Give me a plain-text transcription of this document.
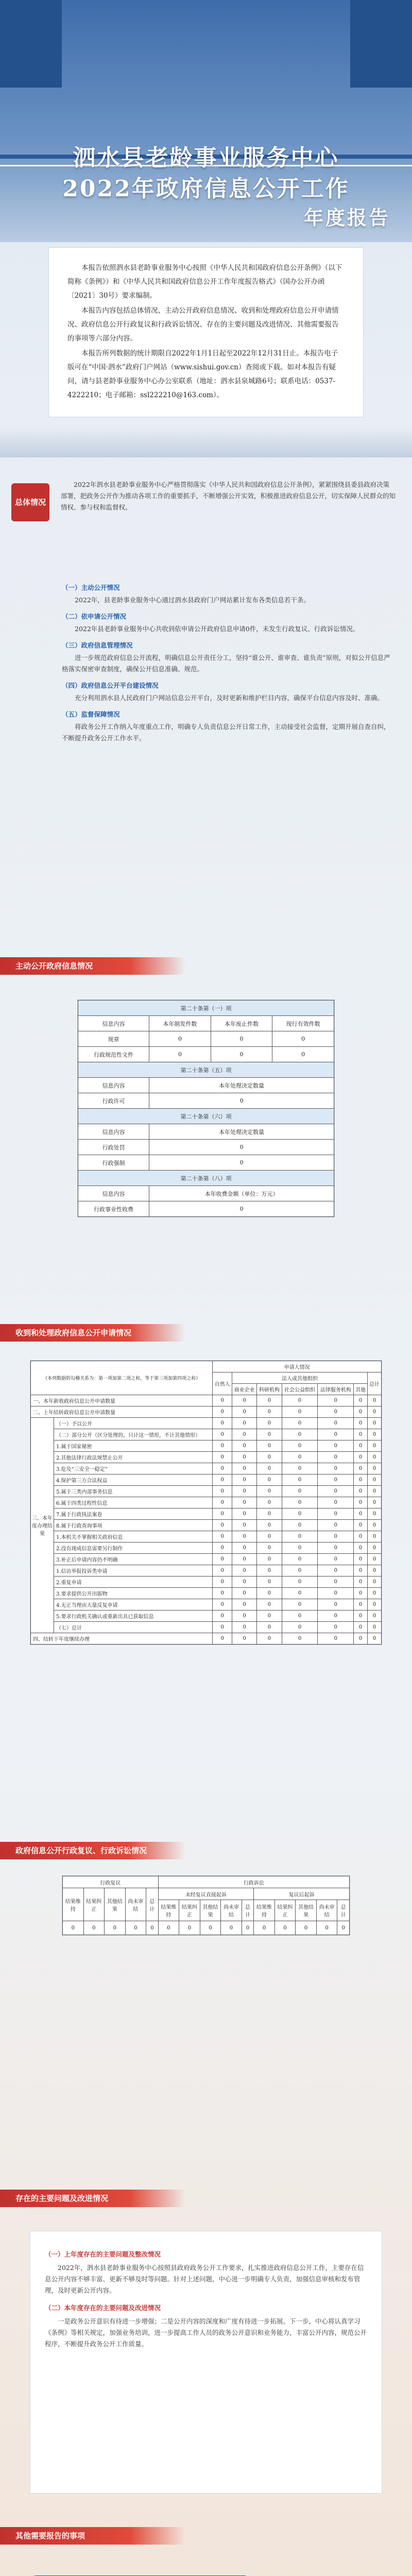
泗水县老龄事业服务中心
2022年政府信息公开工作
年度报告

本报告依照泗水县老龄事业服务中心按照《中华人民共和国政府信息公开条例》（以下简称《条例》）和《中华人民共和国政府信息公开工作年度报告格式》（国办公开办函〔2021〕30号）要求编制。

本报告内容包括总体情况、主动公开政府信息情况、收到和处理政府信息公开申请情况、政府信息公开行政复议和行政诉讼情况、存在的主要问题及改进情况、其他需要报告的事项等六部分内容。

本报告所列数据的统计期限自2022年1月1日起至2022年12月31日止。本报告电子版可在“中国·泗水”政府门户网站（www.sishui.gov.cn）查阅或下载。如对本报告有疑问，请与县老龄事业服务中心办公室联系（地址：泗水县泉城路6号；联系电话：0537-4222210；电子邮箱：ssl222210@163.com）。

总体情况

2022年泗水县老龄事业服务中心严格贯彻落实《中华人民共和国政府信息公开条例》，紧紧围绕县委县政府决策部署，把政务公开作为推动各项工作的重要抓手，不断增强公开实效，积极推进政府信息公开，切实保障人民群众的知情权、参与权和监督权。

（一）主动公开情况

2022年，县老龄事业服务中心通过泗水县政府门户网站累计发布各类信息若干条。

（二）依申请公开情况

2022年县老龄事业服务中心共收到依申请公开政府信息申请0件，未发生行政复议、行政诉讼情况。

（三）政府信息管理情况

进一步规范政府信息公开流程，明确信息公开责任分工，坚持“谁公开、谁审查、谁负责”原则，对拟公开信息严格落实保密审查制度，确保公开信息准确、规范。

（四）政府信息公开平台建设情况

充分利用泗水县人民政府门户网站信息公开平台，及时更新和维护栏目内容，确保平台信息内容及时、准确。

（五）监督保障情况

将政务公开工作纳入年度重点工作，明确专人负责信息公开日常工作，主动接受社会监督，定期开展自查自纠，不断提升政务公开工作水平。

主动公开政府信息情况
第二十条第（一）项			
信息内容	本年制发件数	本年废止件数	现行有效件数
规章	0	0	0
行政规范性文件	0	0	0
第二十条第（五）项			
信息内容	本年处理决定数量		
行政许可	0		
第二十条第（六）项			
信息内容	本年处理决定数量		
行政处罚	0		
行政强制	0		
第二十条第（八）项			
信息内容	本年收费金额（单位：万元）		
行政事业性收费	0		
收到和处理政府信息公开申请情况
（本列数据的勾稽关系为：第一项加第二项之和，等于第三项加第四项之和）		申请人情况						
		自然人	法人或其他组织					总计
			商业企业	科研机构	社会公益组织	法律服务机构	其他	
一、本年新收政府信息公开申请数量		0	0	0	0	0	0	0
二、上年结转政府信息公开申请数量		0	0	0	0	0	0	0
三、本年度办理结果	（一）予以公开	0	0	0	0	0	0	0
	（二）部分公开（区分处理的，只计这一情形，不计其他情形）	0	0	0	0	0	0	0
	1.属于国家秘密	0	0	0	0	0	0	0
	2.其他法律行政法规禁止公开	0	0	0	0	0	0	0
	3.危及“三安全一稳定”	0	0	0	0	0	0	0
	4.保护第三方合法权益	0	0	0	0	0	0	0
	5.属于三类内部事务信息	0	0	0	0	0	0	0
	6.属于四类过程性信息	0	0	0	0	0	0	0
	7.属于行政执法案卷	0	0	0	0	0	0	0
	8.属于行政查询事项	0	0	0	0	0	0	0
	1.本机关不掌握相关政府信息	0	0	0	0	0	0	0
	2.没有现成信息需要另行制作	0	0	0	0	0	0	0
	3.补正后申请内容仍不明确	0	0	0	0	0	0	0
	1.信访举报投诉类申请	0	0	0	0	0	0	0
	2.重复申请	0	0	0	0	0	0	0
	3.要求提供公开出版物	0	0	0	0	0	0	0
	4.无正当理由大量反复申请	0	0	0	0	0	0	0
	5.要求行政机关确认或重新出具已获取信息	0	0	0	0	0	0	0
	（七）总计	0	0	0	0	0	0	0
四、结转下年度继续办理		0	0	0	0	0	0	0
政府信息公开行政复议、行政诉讼情况
行政复议					行政诉讼									
结果维持	结果纠正	其他结果	尚未审结	总计	未经复议直接起诉					复议后起诉				
					结果维持	结果纠正	其他结果	尚未审结	总计	结果维持	结果纠正	其他结果	尚未审结	总计
0	0	0	0	0	0	0	0	0	0	0	0	0	0	0
存在的主要问题及改进情况
（一）上年度存在的主要问题及整改情况

2022年，泗水县老龄事业服务中心按照县政府政务公开工作要求，扎实推进政府信息公开工作，主要存在信息公开内容不够丰富、更新不够及时等问题。针对上述问题，中心进一步明确专人负责，加强信息审核和发布管理，及时更新公开内容。

（二）本年度存在的主要问题及改进情况

一是政务公开意识有待进一步增强；二是公开内容的深度和广度有待进一步拓展。下一步，中心将认真学习《条例》等相关规定，加强业务培训，进一步提高工作人员的政务公开意识和业务能力，丰富公开内容，规范公开程序，不断提升政务公开工作质量。

其他需要报告的事项
